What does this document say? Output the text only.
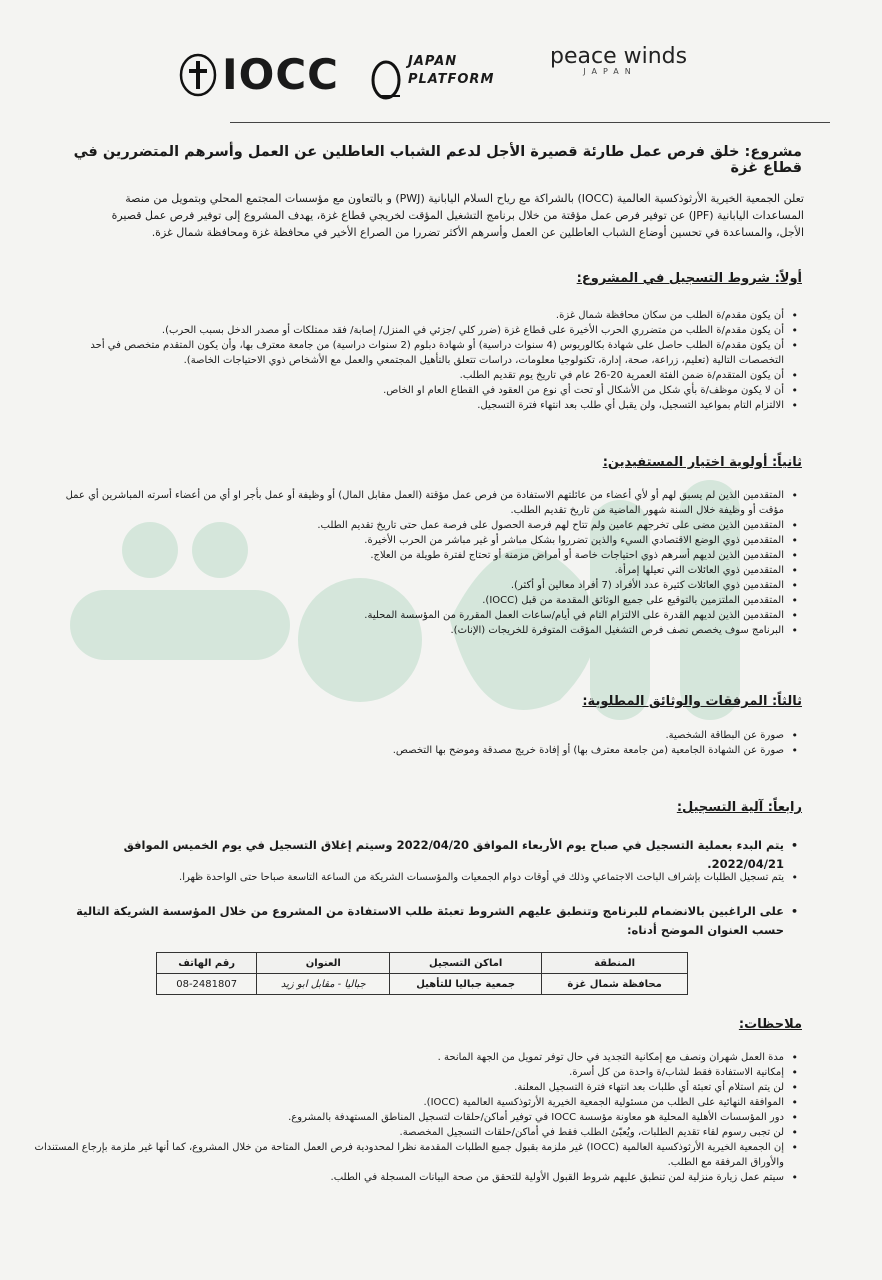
IOCC	JAPAN
PLATFORM
peace winds
JAPAN
مشروع: خلق فرص عمل طارئة قصيرة الأجل لدعم الشباب العاطلين عن العمل وأسرهم المتضررين في قطاع غزة
تعلن الجمعية الخيرية الأرثوذكسية العالمية (IOCC) بالشراكة مع رياح السلام اليابانية (PWJ) و بالتعاون مع مؤسسات المجتمع المحلي وبتمويل من منصة المساعدات اليابانية (JPF) عن توفير فرص عمل مؤقتة من خلال برنامج التشغيل المؤقت لخريجي قطاع غزة، يهدف المشروع إلى توفير فرص عمل قصيرة الأجل، والمساعدة في تحسين أوضاع الشباب العاطلين عن العمل وأسرهم الأكثر تضررا من الصراع الأخير في محافظة غزة ومحافظة شمال غزة.
أولاً: شروط التسجيل في المشروع:
• أن يكون مقدم/ة الطلب من سكان محافظة شمال غزة.
• أن يكون مقدم/ة الطلب من متضرري الحرب الأخيرة على قطاع غزة (ضرر كلي /جزئي في المنزل/ إصابة/ فقد ممتلكات أو مصدر الدخل بسبب الحرب).
• أن يكون مقدم/ة الطلب حاصل على شهادة بكالوريوس (4 سنوات دراسية) أو شهادة دبلوم (2 سنوات دراسية) من جامعة معترف بها، وأن يكون المتقدم متخصص في أحد التخصصات التالية (تعليم، زراعة، صحة، إدارة، تكنولوجيا معلومات، دراسات تتعلق بالتأهيل المجتمعي والعمل مع الأشخاص ذوي الاحتياجات الخاصة).
• أن يكون المتقدم/ة ضمن الفئة العمرية 20-26 عام في تاريخ يوم تقديم الطلب.
• أن لا يكون موظف/ة بأي شكل من الأشكال أو تحت أي نوع من العقود في القطاع العام او الخاص.
• الالتزام التام بمواعيد التسجيل، ولن يقبل أي طلب بعد انتهاء فترة التسجيل.
ثانياً: أولوية اختيار المستفيدين:
• المتقدمين الذين لم يسبق لهم أو لأي أعضاء من عائلتهم الاستفادة من فرص عمل مؤقتة (العمل مقابل المال) أو وظيفة أو عمل بأجر او أي من أعضاء أسرته المباشرين أي عمل مؤقت أو وظيفة خلال السنة شهور الماضية من تاريخ تقديم الطلب.
• المتقدمين الذين مضى على تخرجهم عامين ولم تتاح لهم فرصة الحصول على فرصة عمل حتى تاريخ تقديم الطلب.
• المتقدمين ذوي الوضع الاقتصادي السيء والذين تضرروا بشكل مباشر أو غير مباشر من الحرب الأخيرة.
• المتقدمين الذين لديهم أسرهم ذوي احتياجات خاصة أو أمراض مزمنة أو تحتاج لفترة طويلة من العلاج.
• المتقدمين ذوي العائلات التي تعيلها إمرأة.
• المتقدمين ذوي العائلات كثيرة عدد الأفراد (7 أفراد معالين أو أكثر).
• المتقدمين الملتزمين بالتوقيع على جميع الوثائق المقدمة من قبل (IOCC).
• المتقدمين الذين لديهم القدرة على الالتزام التام في أيام/ساعات العمل المقررة من المؤسسة المحلية.
• البرنامج سوف يخصص نصف فرص التشغيل المؤقت المتوفرة للخريجات (الإناث).
ثالثاً: المرفقات والوثائق المطلوبة:
• صورة عن البطاقة الشخصية.
• صورة عن الشهادة الجامعية (من جامعة معترف بها) أو إفادة خريج مصدقة وموضح بها التخصص.
رابعاً: آلية التسجيل:
• يتم البدء بعملية التسجيل في صباح يوم الأربعاء الموافق 2022/04/20 وسيتم إغلاق التسجيل في يوم الخميس الموافق 2022/04/21.
• يتم تسجيل الطلبات بإشراف الباحث الاجتماعي وذلك في أوقات دوام الجمعيات والمؤسسات الشريكة من الساعة التاسعة صباحا حتى الواحدة ظهرا.
• على الراغبين بالانضمام للبرنامج وتنطبق عليهم الشروط تعبئة طلب الاستفادة من المشروع من خلال المؤسسة الشريكة التالية حسب العنوان الموضح أدناه:
المنطقة	اماكن التسجيل	العنوان	رقم الهاتف
محافظة شمال غزة	جمعية جباليا للتأهيل	جباليا - مقابل ابو زيد	08-2481807
ملاحظات:
• مدة العمل شهران ونصف مع إمكانية التجديد في حال توفر تمويل من الجهة المانحة .
• إمكانية الاستفادة فقط لشاب/ة واحدة من كل أسرة.
• لن يتم استلام أي تعبئة أي طلبات بعد انتهاء فترة التسجيل المعلنة.
• الموافقة النهائية على الطلب من مسئولية الجمعية الخيرية الأرثوذكسية العالمية (IOCC).
• دور المؤسسات الأهلية المحلية هو معاونة مؤسسة IOCC في توفير أماكن/حلقات لتسجيل المناطق المستهدفة بالمشروع.
• لن تجبى رسوم لقاء تقديم الطلبات، ويُعبّئ الطلب فقط في أماكن/حلقات التسجيل المخصصة.
• إن الجمعية الخيرية الأرثوذكسية العالمية (IOCC) غير ملزمة بقبول جميع الطلبات المقدمة نظرا لمحدودية فرص العمل المتاحة من خلال المشروع، كما أنها غير ملزمة بإرجاع المستندات والأوراق المرفقة مع الطلب.
• سيتم عمل زيارة منزلية لمن تنطبق عليهم شروط القبول الأولية للتحقق من صحة البيانات المسجلة في الطلب.
